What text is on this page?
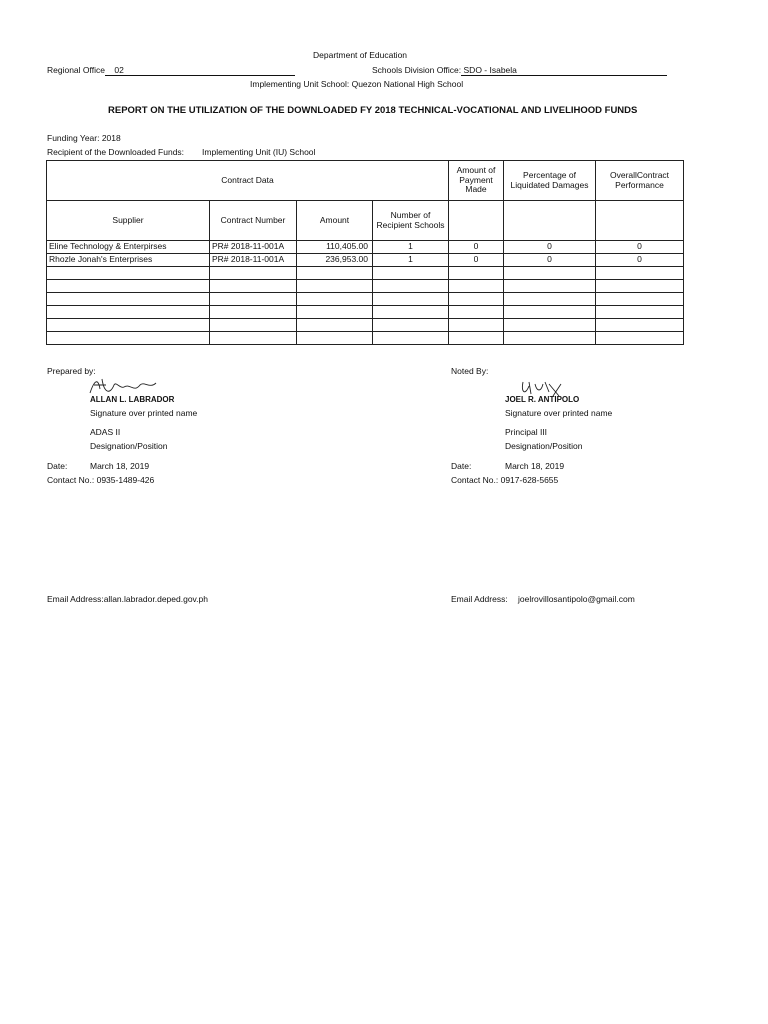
Department of Education
Regional Office 02	Schools Division Office: SDO - Isabela
Implementing Unit School: Quezon National High School
REPORT ON THE UTILIZATION OF THE DOWNLOADED FY 2018 TECHNICAL-VOCATIONAL AND LIVELIHOOD FUNDS
Funding Year: 2018
Recipient of the Downloaded Funds: Implementing Unit (IU) School
Contract Data				Amount of Payment Made	Percentage of Liquidated Damages	OverallContract Performance
Supplier	Contract Number	Amount	Number of Recipient Schools			
Eline Technology & Enterpirses	PR# 2018-11-001A	110,405.00	1	0	0	0
Rhozle Jonah's Enterprises	PR# 2018-11-001A	236,953.00	1	0	0	0

Prepared by:
ALLAN L. LABRADOR
Signature over printed name
ADAS II
Designation/Position
Date:	March 18, 2019
Contact No.: 0935-1489-426
Email Address:allan.labrador.deped.gov.ph
Noted By:
JOEL R. ANTIPOLO
Signature over printed name
Principal III
Designation/Position
Date:	March 18, 2019
Contact No.: 0917-628-5655
Email Address: joelrovillosantipolo@gmail.com
